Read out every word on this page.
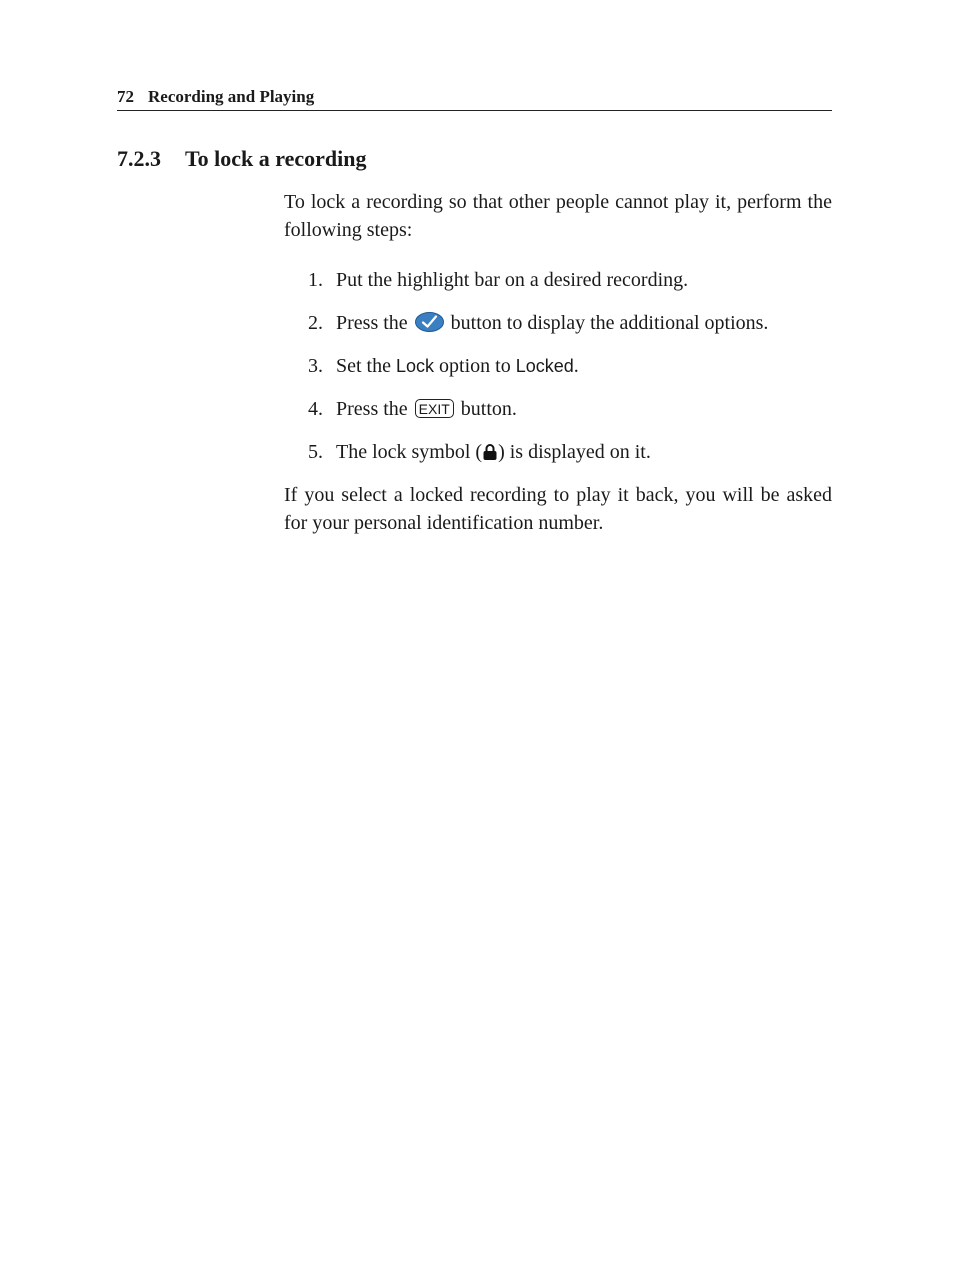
72 Recording and Playing
7.2.3 To lock a recording

To lock a recording so that other people cannot play it, perform the following steps:

1. Put the highlight bar on a desired recording.
2. Press the button to display the additional options.
3. Set the Lock option to Locked.
4. Press the EXIT button.
5. The lock symbol ( ) is displayed on it.

If you select a locked recording to play it back, you will be asked for your personal identification number.
